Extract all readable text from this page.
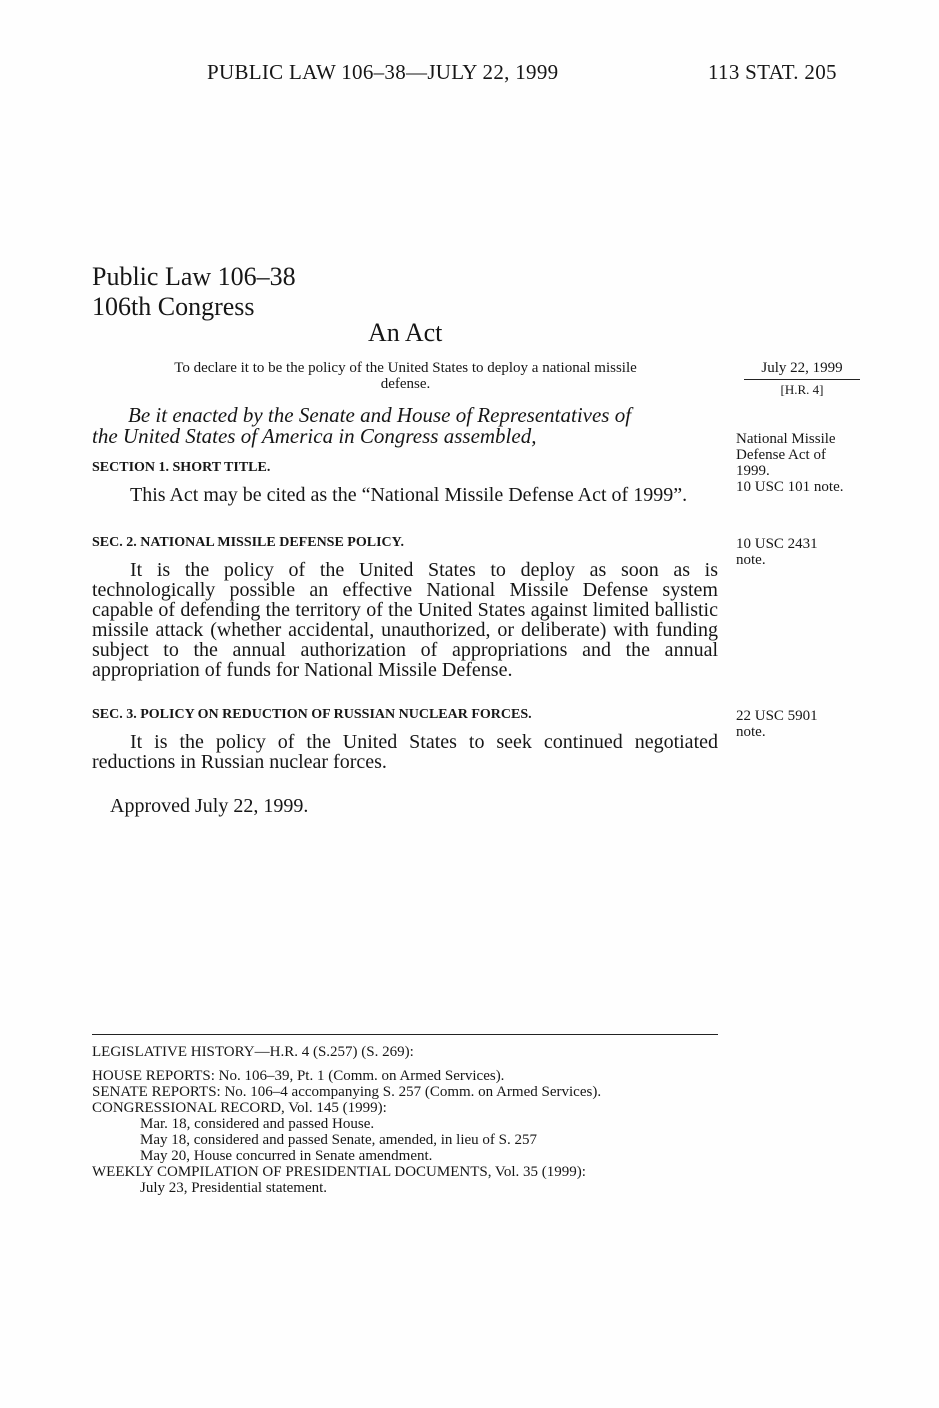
PUBLIC LAW 106–38—JULY 22, 1999	113 STAT. 205
Public Law 106–38
106th Congress
An Act
To declare it to be the policy of the United States to deploy a national missile
defense.
July 22, 1999
[H.R. 4]
Be it enacted by the Senate and House of Representatives of
the United States of America in Congress assembled,	National Missile
Defense Act of
1999.
10 USC 101 note.
SECTION 1. SHORT TITLE.
This Act may be cited as the “National Missile Defense Act of 1999”.
SEC. 2. NATIONAL MISSILE DEFENSE POLICY.	10 USC 2431
note.
It is the policy of the United States to deploy as soon as is technologically possible an effective National Missile Defense system capable of defending the territory of the United States against limited ballistic missile attack (whether accidental, unauthorized, or deliberate) with funding subject to the annual authorization of appropriations and the annual appropriation of funds for National Missile Defense.
SEC. 3. POLICY ON REDUCTION OF RUSSIAN NUCLEAR FORCES.	22 USC 5901
note.
It is the policy of the United States to seek continued negotiated reductions in Russian nuclear forces.
Approved July 22, 1999.
LEGISLATIVE HISTORY—H.R. 4 (S.257) (S. 269):
HOUSE REPORTS: No. 106–39, Pt. 1 (Comm. on Armed Services).
SENATE REPORTS: No. 106–4 accompanying S. 257 (Comm. on Armed Services).
CONGRESSIONAL RECORD, Vol. 145 (1999):
Mar. 18, considered and passed House.
May 18, considered and passed Senate, amended, in lieu of S. 257
May 20, House concurred in Senate amendment.
WEEKLY COMPILATION OF PRESIDENTIAL DOCUMENTS, Vol. 35 (1999):
July 23, Presidential statement.
